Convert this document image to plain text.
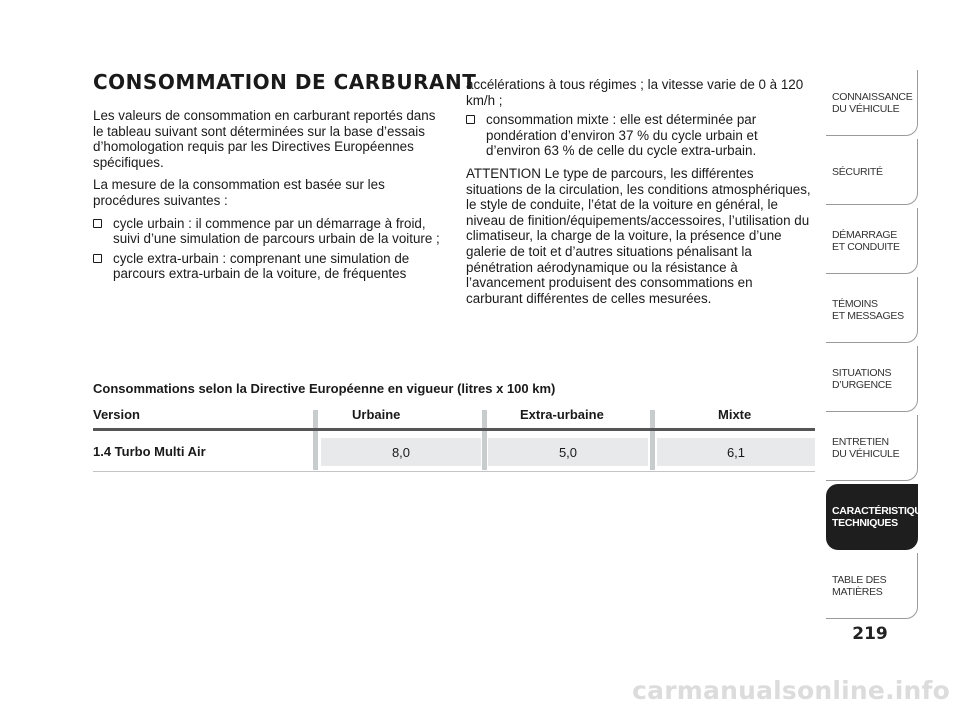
CONSOMMATION DE CARBURANT

Les valeurs de consommation en carburant reportés dans le tableau suivant sont déterminées sur la base d’essais d’homologation requis par les Directives Européennes spécifiques.

La mesure de la consommation est basée sur les procédures suivantes :

cycle urbain : il commence par un démarrage à froid, suivi d’une simulation de parcours urbain de la voiture ;
cycle extra-urbain : comprenant une simulation de parcours extra-urbain de la voiture, de fréquentes

accélérations à tous régimes ; la vitesse varie de 0 à 120 km/h ;

consommation mixte : elle est déterminée par pondération d’environ 37 % du cycle urbain et d’environ 63 % de celle du cycle extra-urbain.

ATTENTION Le type de parcours, les différentes situations de la circulation, les conditions atmosphériques, le style de conduite, l’état de la voiture en général, le niveau de finition/équipements/accessoires, l’utilisation du climatiseur, la charge de la voiture, la présence d’une galerie de toit et d’autres situations pénalisant la pénétration aérodynamique ou la résistance à l’avancement produisent des consommations en carburant différentes de celles mesurées.

Consommations selon la Directive Européenne en vigueur (litres x 100 km)
Version	Urbaine	Extra-urbaine	Mixte
1.4 Turbo Multi Air	8,0	5,0	6,1
CONNAISSANCE
DU VÉHICULE
SÉCURITÉ
DÉMARRAGE
ET CONDUITE
TÉMOINS
ET MESSAGES
SITUATIONS
D’URGENCE
ENTRETIEN
DU VÉHICULE
CARACTÉRISTIQUES
TECHNIQUES
TABLE DES
MATIÈRES
219
carmanualsonline.info
